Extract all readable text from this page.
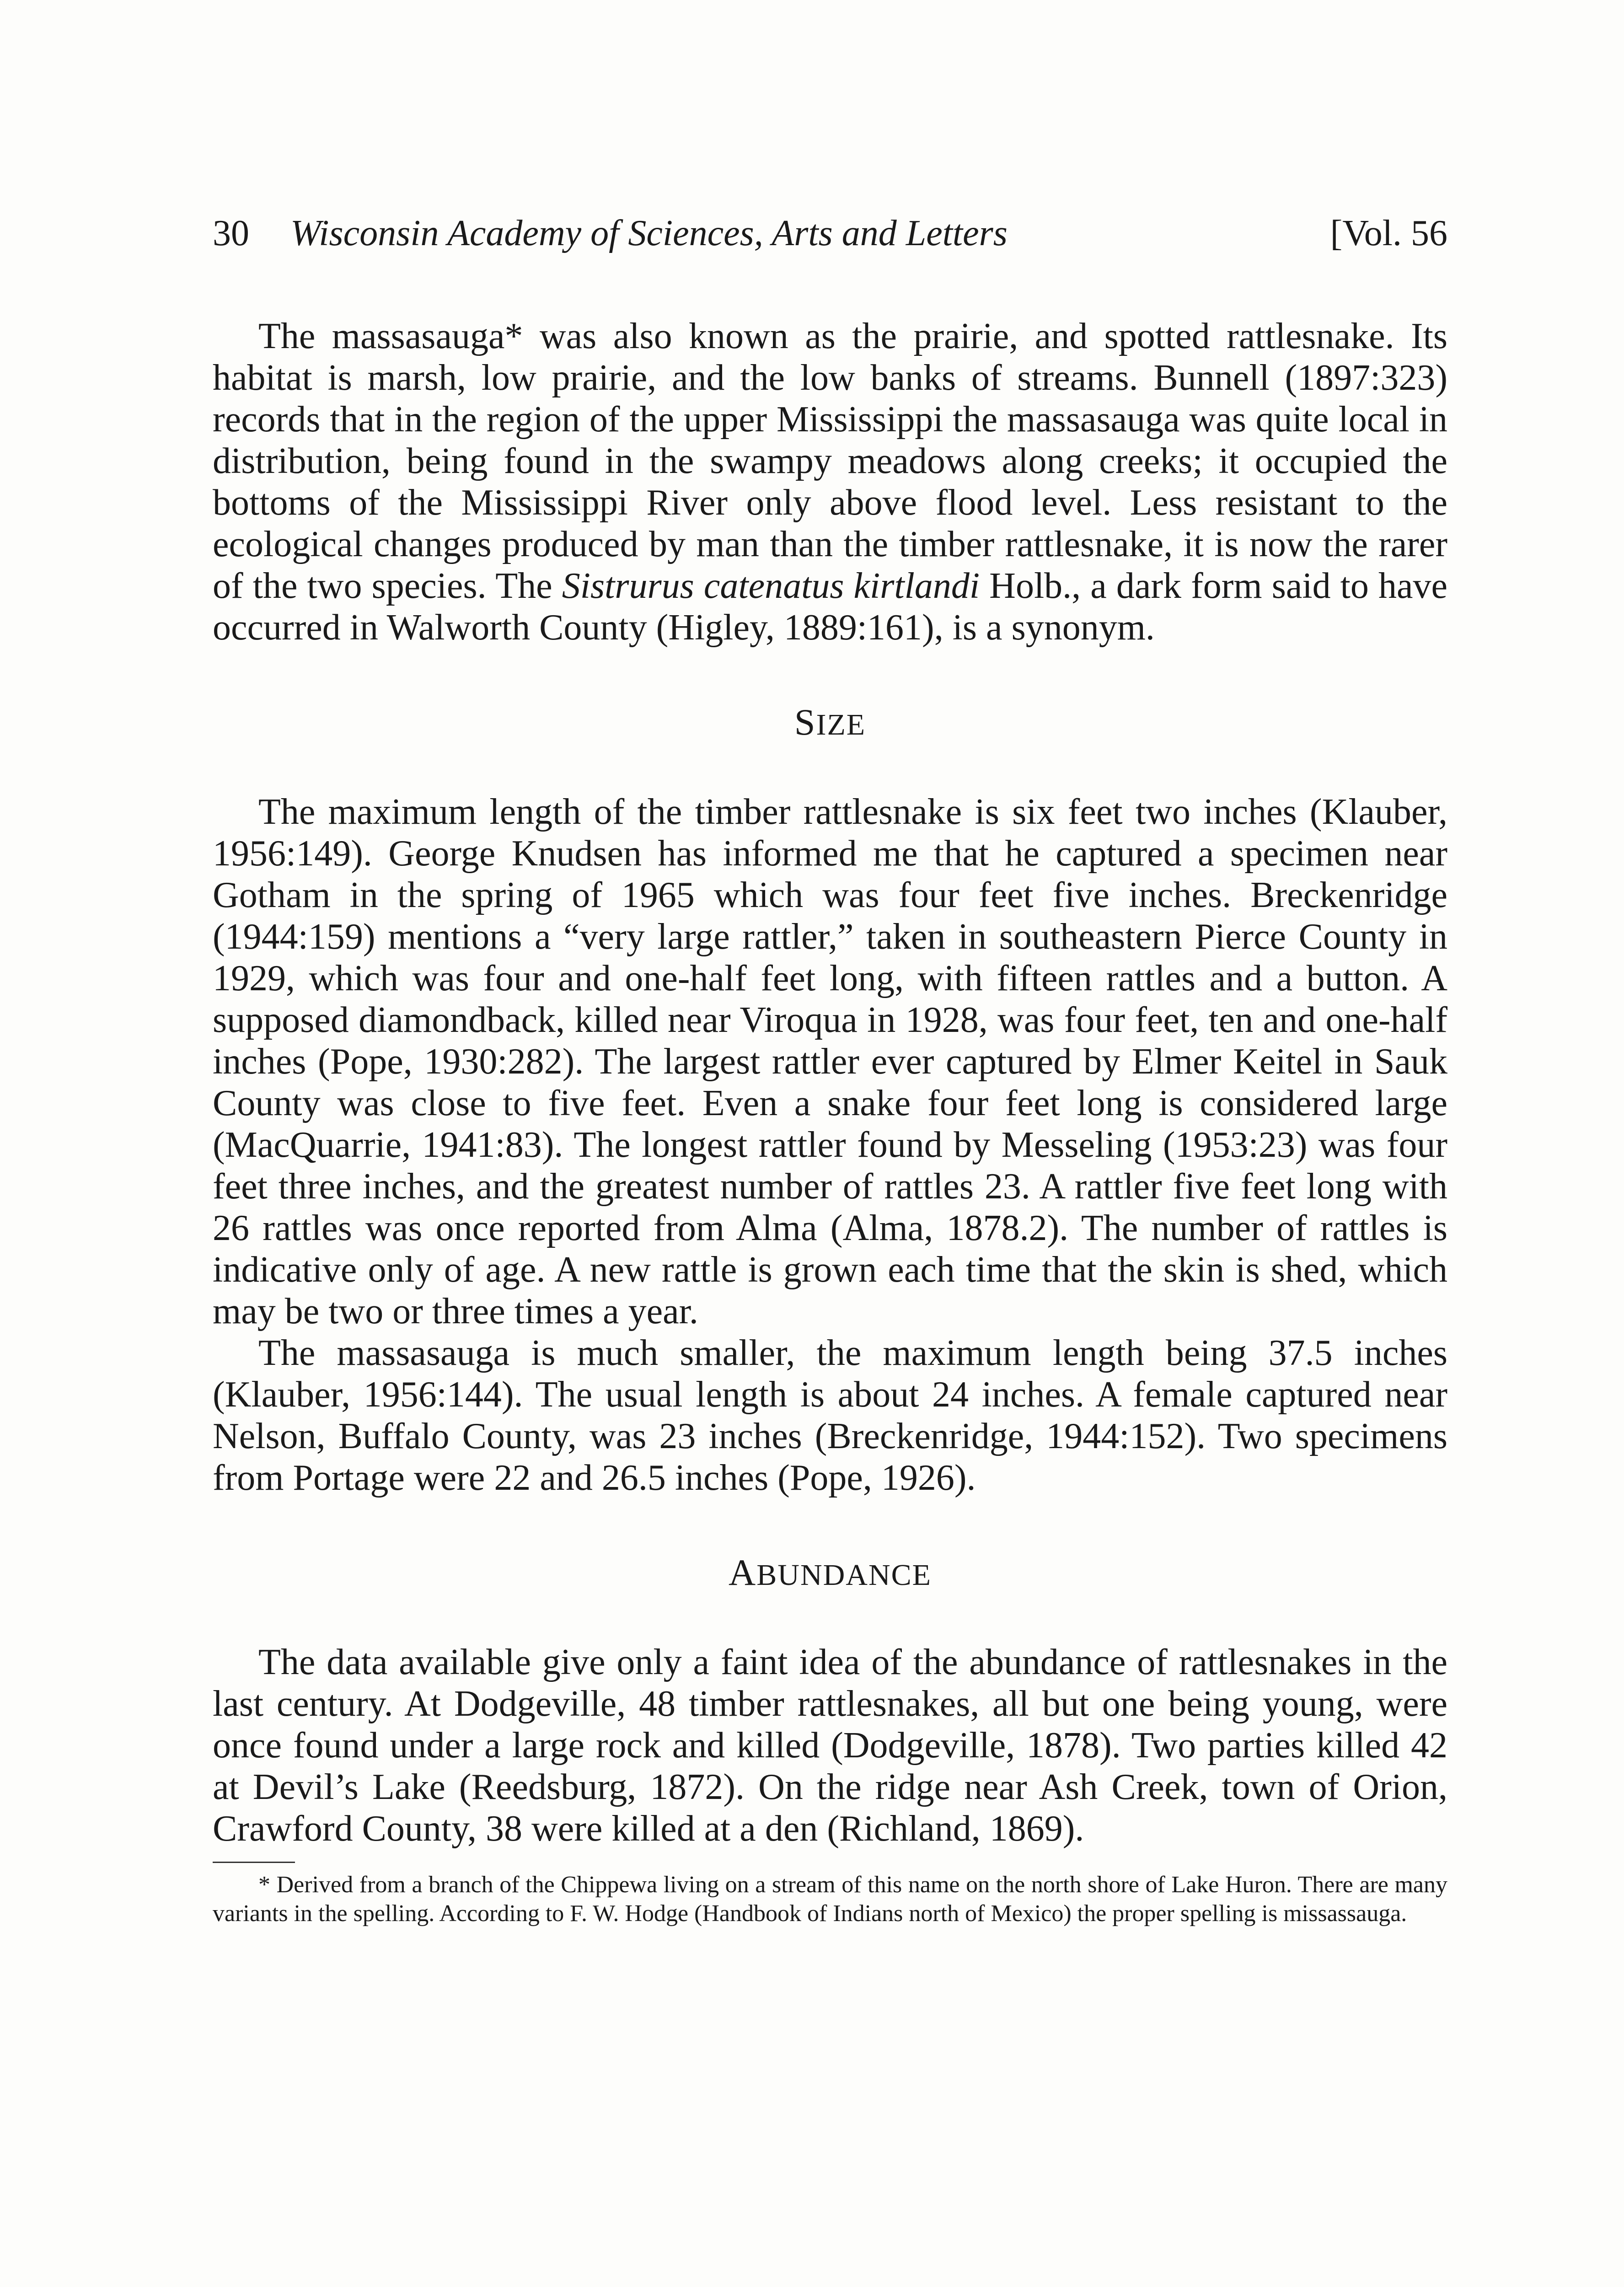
30 Wisconsin Academy of Sciences, Arts and Letters	[Vol. 56

The massasauga* was also known as the prairie, and spotted rattlesnake. Its habitat is marsh, low prairie, and the low banks of streams. Bunnell (1897:323) records that in the region of the upper Mississippi the massasauga was quite local in distribution, being found in the swampy meadows along creeks; it occupied the bottoms of the Mississippi River only above flood level. Less resistant to the ecological changes produced by man than the timber rattlesnake, it is now the rarer of the two species. The Sistrurus catenatus kirtlandi Holb., a dark form said to have occurred in Walworth County (Higley, 1889:161), is a synonym.

SIZE

The maximum length of the timber rattlesnake is six feet two inches (Klauber, 1956:149). George Knudsen has informed me that he captured a specimen near Gotham in the spring of 1965 which was four feet five inches. Breckenridge (1944:159) mentions a “very large rattler,” taken in southeastern Pierce County in 1929, which was four and one-half feet long, with fifteen rattles and a button. A supposed diamondback, killed near Viroqua in 1928, was four feet, ten and one-half inches (Pope, 1930:282). The largest rattler ever captured by Elmer Keitel in Sauk County was close to five feet. Even a snake four feet long is considered large (MacQuarrie, 1941:83). The longest rattler found by Messeling (1953:23) was four feet three inches, and the greatest number of rattles 23. A rattler five feet long with 26 rattles was once reported from Alma (Alma, 1878.2). The number of rattles is indicative only of age. A new rattle is grown each time that the skin is shed, which may be two or three times a year.

The massasauga is much smaller, the maximum length being 37.5 inches (Klauber, 1956:144). The usual length is about 24 inches. A female captured near Nelson, Buffalo County, was 23 inches (Breckenridge, 1944:152). Two specimens from Portage were 22 and 26.5 inches (Pope, 1926).

ABUNDANCE

The data available give only a faint idea of the abundance of rattlesnakes in the last century. At Dodgeville, 48 timber rattlesnakes, all but one being young, were once found under a large rock and killed (Dodgeville, 1878). Two parties killed 42 at Devil’s Lake (Reedsburg, 1872). On the ridge near Ash Creek, town of Orion, Crawford County, 38 were killed at a den (Richland, 1869).

* Derived from a branch of the Chippewa living on a stream of this name on the north shore of Lake Huron. There are many variants in the spelling. According to F. W. Hodge (Handbook of Indians north of Mexico) the proper spelling is missassauga.
